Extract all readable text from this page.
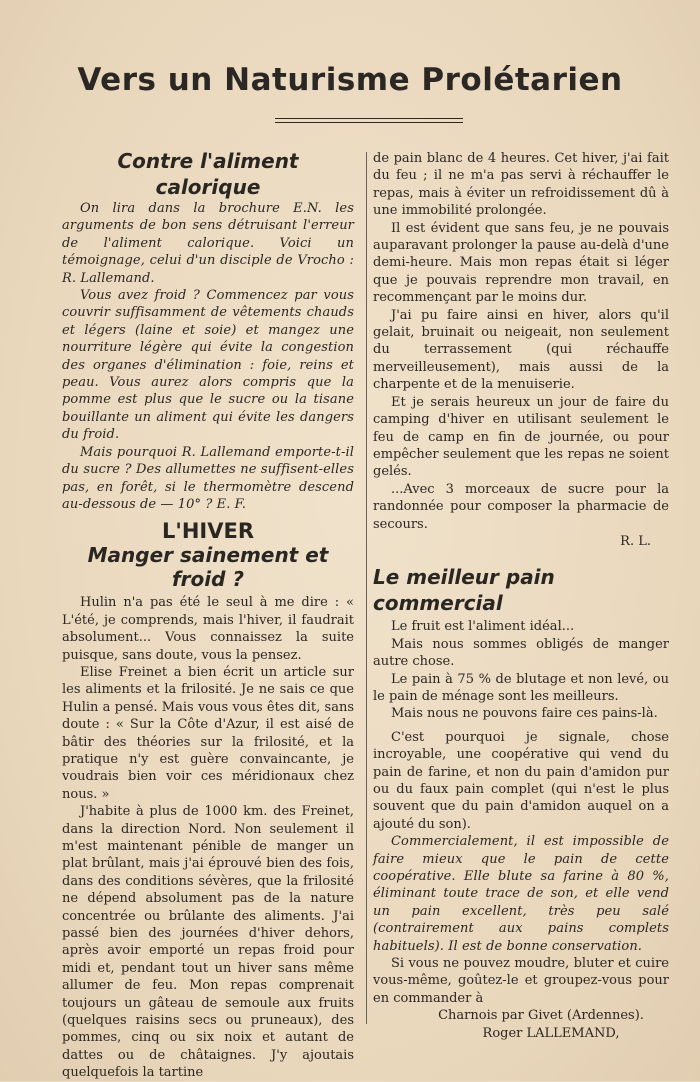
Vers un Naturisme Prolétarien
Contre l'aliment calorique

On lira dans la brochure E.N. les arguments de bon sens détruisant l'erreur de l'aliment calorique. Voici un témoignage, celui d'un disciple de Vrocho : R. Lallemand.

Vous avez froid ? Commencez par vous couvrir suffisamment de vêtements chauds et légers (laine et soie) et mangez une nourriture légère qui évite la congestion des organes d'élimination : foie, reins et peau. Vous aurez alors compris que la pomme est plus que le sucre ou la tisane bouillante un aliment qui évite les dangers du froid.

Mais pourquoi R. Lallemand emporte-t-il du sucre ? Des allumettes ne suffisent-elles pas, en forêt, si le thermomètre descend au-dessous de — 10° ? E. F.

L'HIVER
Manger sainement et froid ?

Hulin n'a pas été le seul à me dire : « L'été, je comprends, mais l'hiver, il faudrait absolument... Vous connaissez la suite puisque, sans doute, vous la pensez.

Elise Freinet a bien écrit un article sur les aliments et la frilosité. Je ne sais ce que Hulin a pensé. Mais vous vous êtes dit, sans doute : « Sur la Côte d'Azur, il est aisé de bâtir des théories sur la frilosité, et la pratique n'y est guère convaincante, je voudrais bien voir ces méridionaux chez nous. »

J'habite à plus de 1000 km. des Freinet, dans la direction Nord. Non seulement il m'est maintenant pénible de manger un plat brûlant, mais j'ai éprouvé bien des fois, dans des conditions sévères, que la frilosité ne dépend absolument pas de la nature concentrée ou brûlante des aliments. J'ai passé bien des journées d'hiver dehors, après avoir emporté un repas froid pour midi et, pendant tout un hiver sans même allumer de feu. Mon repas comprenait toujours un gâteau de semoule aux fruits (quelques raisins secs ou pruneaux), des pommes, cinq ou six noix et autant de dattes ou de châtaignes. J'y ajoutais quelquefois la tartine

de pain blanc de 4 heures. Cet hiver, j'ai fait du feu ; il ne m'a pas servi à réchauffer le repas, mais à éviter un refroidissement dû à une immobilité prolongée.

Il est évident que sans feu, je ne pouvais auparavant prolonger la pause au-delà d'une demi-heure. Mais mon repas était si léger que je pouvais reprendre mon travail, en recommençant par le moins dur.

J'ai pu faire ainsi en hiver, alors qu'il gelait, bruinait ou neigeait, non seulement du terrassement (qui réchauffe merveilleusement), mais aussi de la charpente et de la menuiserie.

Et je serais heureux un jour de faire du camping d'hiver en utilisant seulement le feu de camp en fin de journée, ou pour empêcher seulement que les repas ne soient gelés.

...Avec 3 morceaux de sucre pour la randonnée pour composer la pharmacie de secours.

R. L.

Le meilleur pain commercial

Le fruit est l'aliment idéal...

Mais nous sommes obligés de manger autre chose.

Le pain à 75 % de blutage et non levé, ou le pain de ménage sont les meilleurs.

Mais nous ne pouvons faire ces pains-là.

C'est pourquoi je signale, chose incroyable, une coopérative qui vend du pain de farine, et non du pain d'amidon pur ou du faux pain complet (qui n'est le plus souvent que du pain d'amidon auquel on a ajouté du son).

Commercialement, il est impossible de faire mieux que le pain de cette coopérative. Elle blute sa farine à 80 %, éliminant toute trace de son, et elle vend un pain excellent, très peu salé (contrairement aux pains complets habituels). Il est de bonne conservation.

Si vous ne pouvez moudre, bluter et cuire vous-même, goûtez-le et groupez-vous pour en commander à

Charnois par Givet (Ardennes).

Roger LALLEMAND,
